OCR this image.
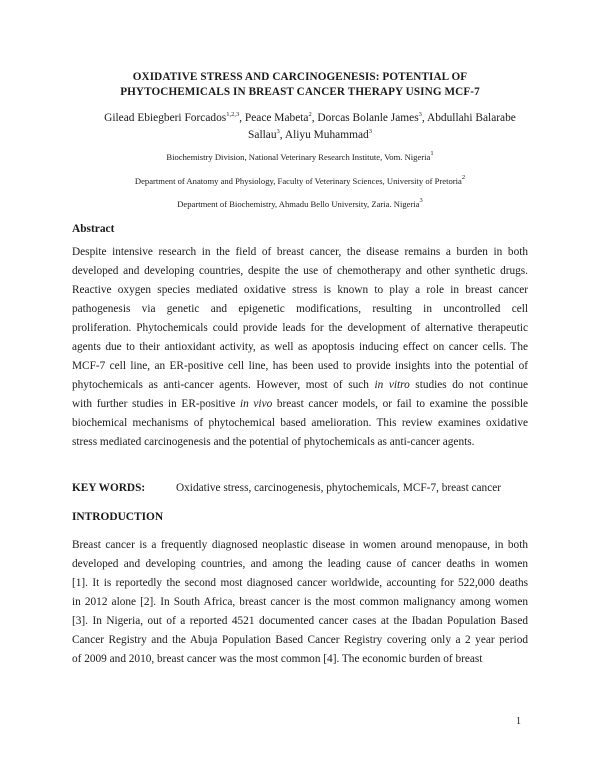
OXIDATIVE STRESS AND CARCINOGENESIS: POTENTIAL OF
PHYTOCHEMICALS IN BREAST CANCER THERAPY USING MCF-7
Gilead Ebiegberi Forcados$^{1,2,3}$, Peace Mabeta$^2$, Dorcas Bolanle James$^3$, Abdullahi Balarabe
Sallau$^3$, Aliyu Muhammad$^3$
Biochemistry Division, National Veterinary Research Institute, Vom. Nigeria$^1$
Department of Anatomy and Physiology, Faculty of Veterinary Sciences, University of Pretoria$^2$
Department of Biochemistry, Ahmadu Bello University, Zaria. Nigeria$^3$
Abstract
Despite intensive research in the field of breast cancer, the disease remains a burden in both
developed and developing countries, despite the use of chemotherapy and other synthetic drugs.
Reactive oxygen species mediated oxidative stress is known to play a role in breast cancer
pathogenesis via genetic and epigenetic modifications, resulting in uncontrolled cell
proliferation. Phytochemicals could provide leads for the development of alternative therapeutic
agents due to their antioxidant activity, as well as apoptosis inducing effect on cancer cells. The
MCF-7 cell line, an ER-positive cell line, has been used to provide insights into the potential of
phytochemicals as anti-cancer agents. However, most of such in vitro studies do not continue
with further studies in ER-positive in vivo breast cancer models, or fail to examine the possible
biochemical mechanisms of phytochemical based amelioration. This review examines oxidative
stress mediated carcinogenesis and the potential of phytochemicals as anti-cancer agents.
KEY WORDS:	Oxidative stress, carcinogenesis, phytochemicals, MCF-7, breast cancer
INTRODUCTION
Breast cancer is a frequently diagnosed neoplastic disease in women around menopause, in both
developed and developing countries, and among the leading cause of cancer deaths in women
[1]. It is reportedly the second most diagnosed cancer worldwide, accounting for 522,000 deaths
in 2012 alone [2]. In South Africa, breast cancer is the most common malignancy among women
[3]. In Nigeria, out of a reported 4521 documented cancer cases at the Ibadan Population Based
Cancer Registry and the Abuja Population Based Cancer Registry covering only a 2 year period
of 2009 and 2010, breast cancer was the most common [4]. The economic burden of breast
1
